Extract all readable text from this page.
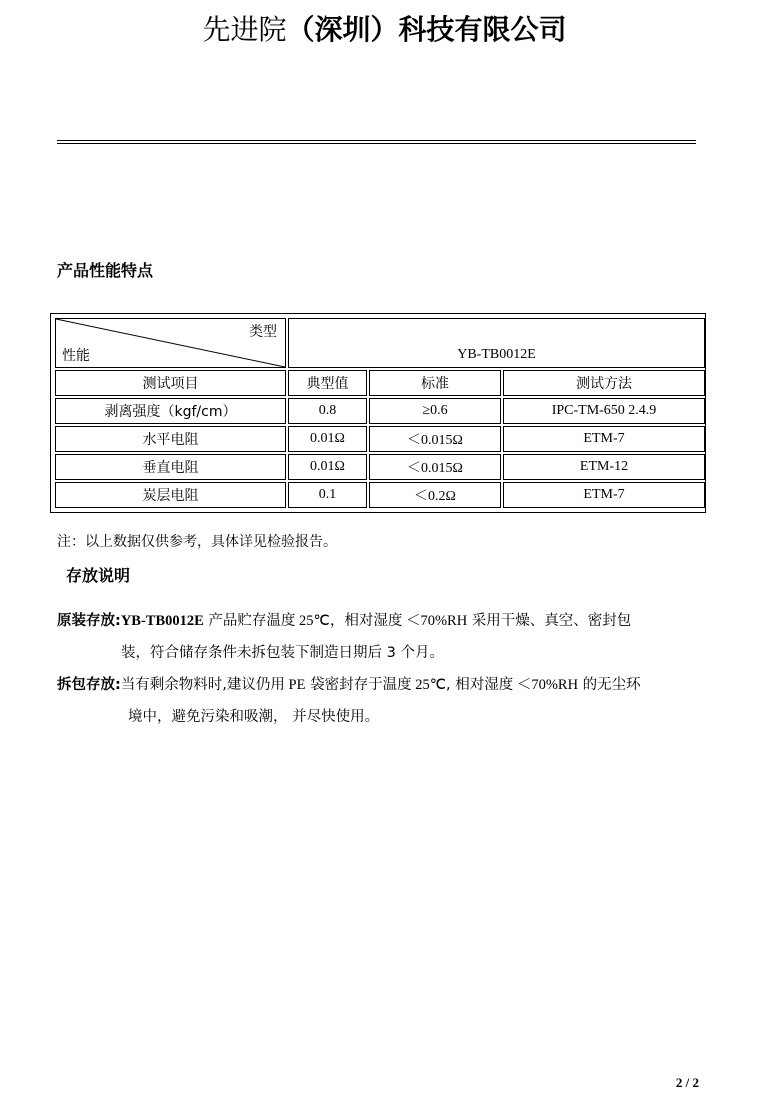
先进院（深圳）科技有限公司
产品性能特点
类型
性能	YB-TB0012E		
测试项目	典型值	标准	测试方法
剥离强度（kgf/cm）	0.8	≥0.6	IPC-TM-650 2.4.9
水平电阻	0.01Ω	＜0.015Ω	ETM-7
垂直电阻	0.01Ω	＜0.015Ω	ETM-12
炭层电阻	0.1	＜0.2Ω	ETM-7
注：以上数据仅供参考，具体详见检验报告。
存放说明
原装存放:YB-TB0012E 产品贮存温度 25℃，相对湿度 ＜70%RH 采用干燥、真空、密封包
装，符合储存条件未拆包装下制造日期后 3 个月。
拆包存放:当有剩余物料时,建议仍用 PE 袋密封存于温度 25℃, 相对湿度 ＜70%RH 的无尘环
境中，避免污染和吸潮， 并尽快使用。
2 / 2
